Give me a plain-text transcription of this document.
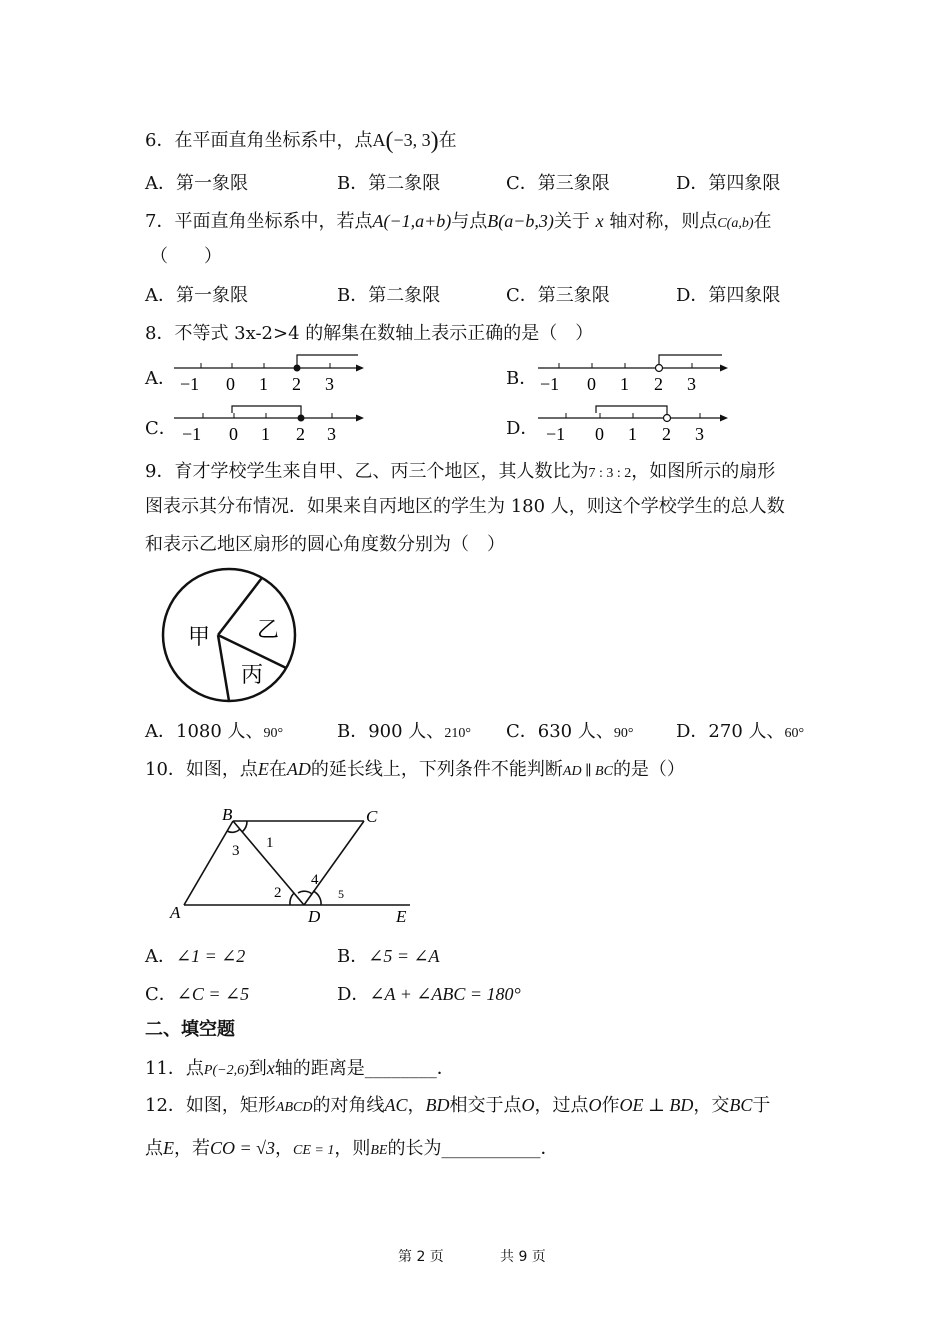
6．在平面直角坐标系中，点A(−3, 3)在
A．第一象限	B．第二象限	C．第三象限	D．第四象限
7．平面直角坐标系中，若点A(−1,a+b)与点B(a−b,3)关于 x 轴对称，则点C(a,b)在
（　　）
A．第一象限	B．第二象限	C．第三象限	D．第四象限
8．不等式 3x-2>4 的解集在数轴上表示正确的是（　）
A． −1 0 1 2 3	B． −1 0 1 2 3
C． −1 0 1 2 3	D． −1 0 1 2 3
9．育才学校学生来自甲、乙、丙三个地区，其人数比为7 : 3 : 2，如图所示的扇形
图表示其分布情况．如果来自丙地区的学生为 180 人，则这个学校学生的总人数
和表示乙地区扇形的圆心角度数分别为（　）
甲 乙
丙
A．1080 人、90°	B．900 人、210° C．630 人、90° D．270 人、60°
10．如图，点E在AD的延长线上，下列条件不能判断AD ∥ BC的是（）
A
B	C
D	E
1
2
3
4
5
A．∠1 = ∠2	B．∠5 = ∠A
C．∠C = ∠5	D．∠A + ∠ABC = 180°
二、填空题
11．点P(−2,6)到x轴的距离是________．
12．如图，矩形ABCD的对角线AC，BD相交于点O，过点O作OE ⊥ BD，交BC于
点E，若CO = √3，CE = 1，则BE的长为___________．
第 2 页	共 9 页
